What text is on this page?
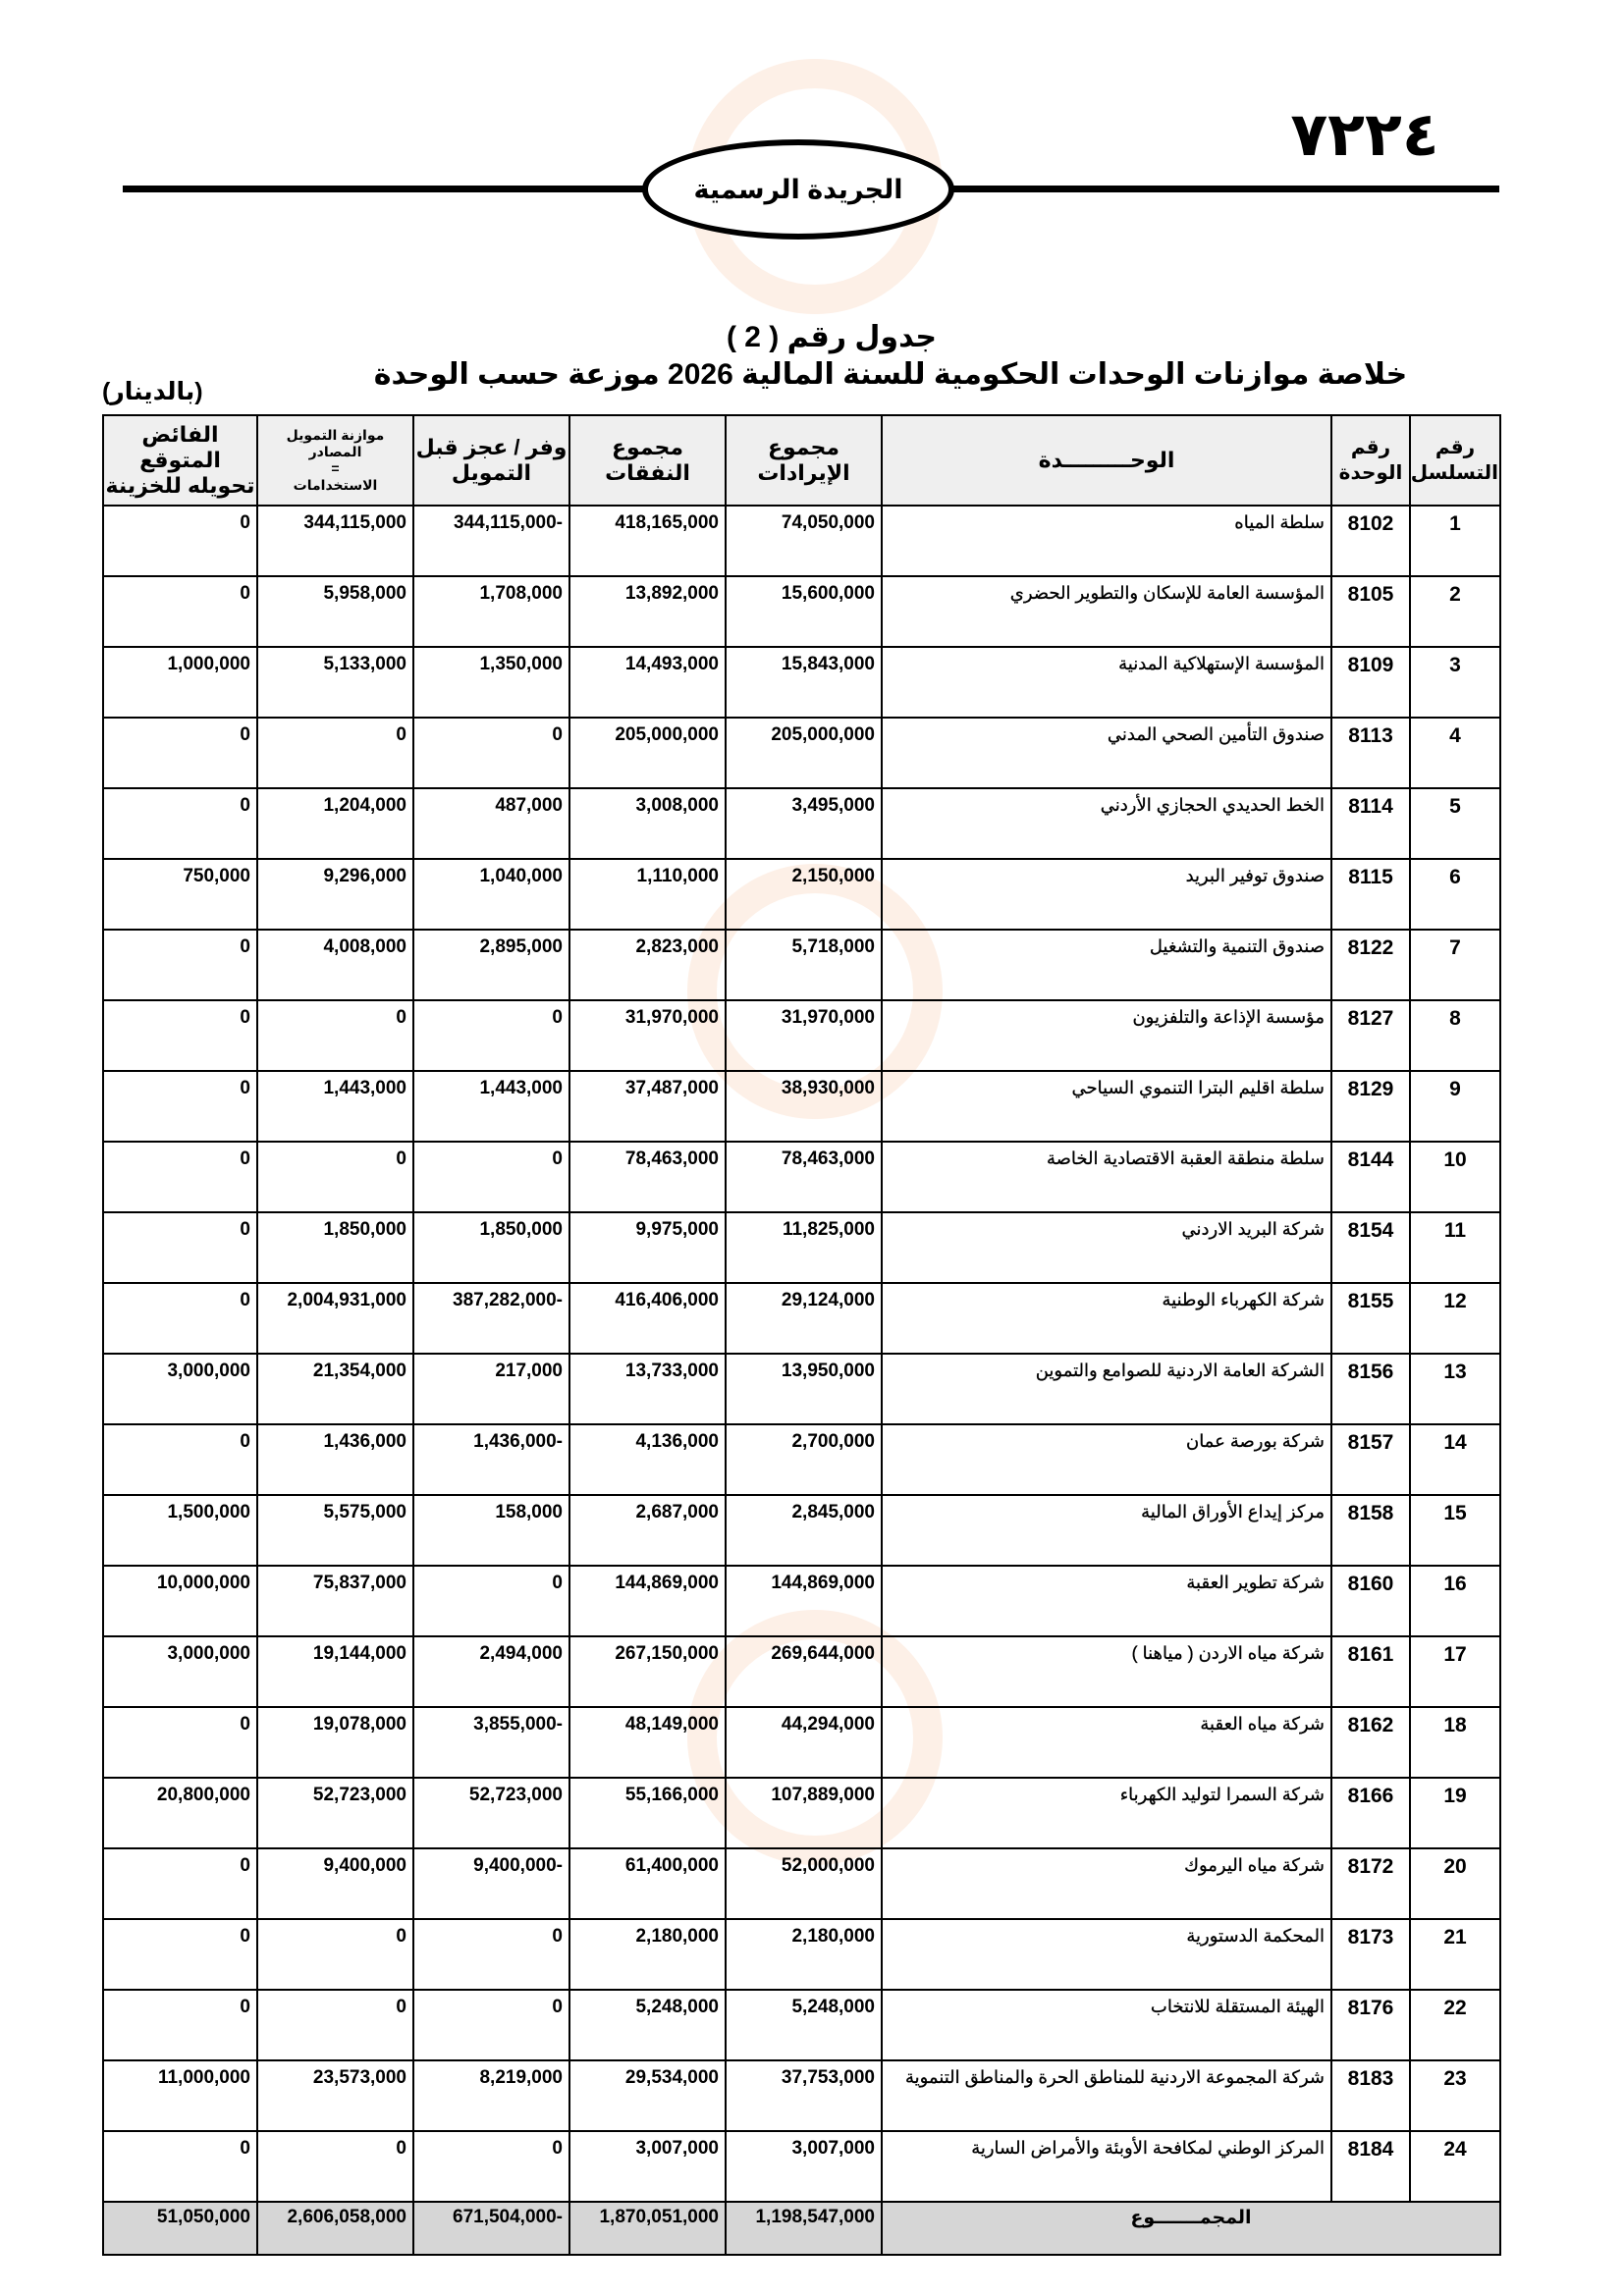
٧٢٢٤
الجريدة الرسمية
جدول رقم ( 2 )
خلاصة موازنات الوحدات الحكومية للسنة المالية 2026 موزعة حسب الوحدة
(بالدينار)
رقم التسلسل	رقم الوحدة	الوحـــــــــدة	مجموع الإيرادات	مجموع النفقات	وفر / عجز قبل التمويل	موازنة التمويل المصادر
=
الاستخدامات	الفائض المتوقع تحويله للخزينة
1	8102	سلطة المياه	74,050,000	418,165,000	344,115,000-	344,115,000	0
2	8105	المؤسسة العامة للإسكان والتطوير الحضري	15,600,000	13,892,000	1,708,000	5,958,000	0
3	8109	المؤسسة الإستهلاكية المدنية	15,843,000	14,493,000	1,350,000	5,133,000	1,000,000
4	8113	صندوق التأمين الصحي المدني	205,000,000	205,000,000	0	0	0
5	8114	الخط الحديدي الحجازي الأردني	3,495,000	3,008,000	487,000	1,204,000	0
6	8115	صندوق توفير البريد	2,150,000	1,110,000	1,040,000	9,296,000	750,000
7	8122	صندوق التنمية والتشغيل	5,718,000	2,823,000	2,895,000	4,008,000	0
8	8127	مؤسسة الإذاعة والتلفزيون	31,970,000	31,970,000	0	0	0
9	8129	سلطة اقليم البترا التنموي السياحي	38,930,000	37,487,000	1,443,000	1,443,000	0
10	8144	سلطة منطقة العقبة الاقتصادية الخاصة	78,463,000	78,463,000	0	0	0
11	8154	شركة البريد الاردني	11,825,000	9,975,000	1,850,000	1,850,000	0
12	8155	شركة الكهرباء الوطنية	29,124,000	416,406,000	387,282,000-	2,004,931,000	0
13	8156	الشركة العامة الاردنية للصوامع والتموين	13,950,000	13,733,000	217,000	21,354,000	3,000,000
14	8157	شركة بورصة عمان	2,700,000	4,136,000	1,436,000-	1,436,000	0
15	8158	مركز إيداع الأوراق المالية	2,845,000	2,687,000	158,000	5,575,000	1,500,000
16	8160	شركة تطوير العقبة	144,869,000	144,869,000	0	75,837,000	10,000,000
17	8161	شركة مياه الاردن ( مياهنا )	269,644,000	267,150,000	2,494,000	19,144,000	3,000,000
18	8162	شركة مياه العقبة	44,294,000	48,149,000	3,855,000-	19,078,000	0
19	8166	شركة السمرا لتوليد الكهرباء	107,889,000	55,166,000	52,723,000	52,723,000	20,800,000
20	8172	شركة مياه اليرموك	52,000,000	61,400,000	9,400,000-	9,400,000	0
21	8173	المحكمة الدستورية	2,180,000	2,180,000	0	0	0
22	8176	الهيئة المستقلة للانتخاب	5,248,000	5,248,000	0	0	0
23	8183	شركة المجموعة الاردنية للمناطق الحرة والمناطق التنموية	37,753,000	29,534,000	8,219,000	23,573,000	11,000,000
24	8184	المركز الوطني لمكافحة الأوبئة والأمراض السارية	3,007,000	3,007,000	0	0	0
المجمـــــــوع			1,198,547,000	1,870,051,000	671,504,000-	2,606,058,000	51,050,000
